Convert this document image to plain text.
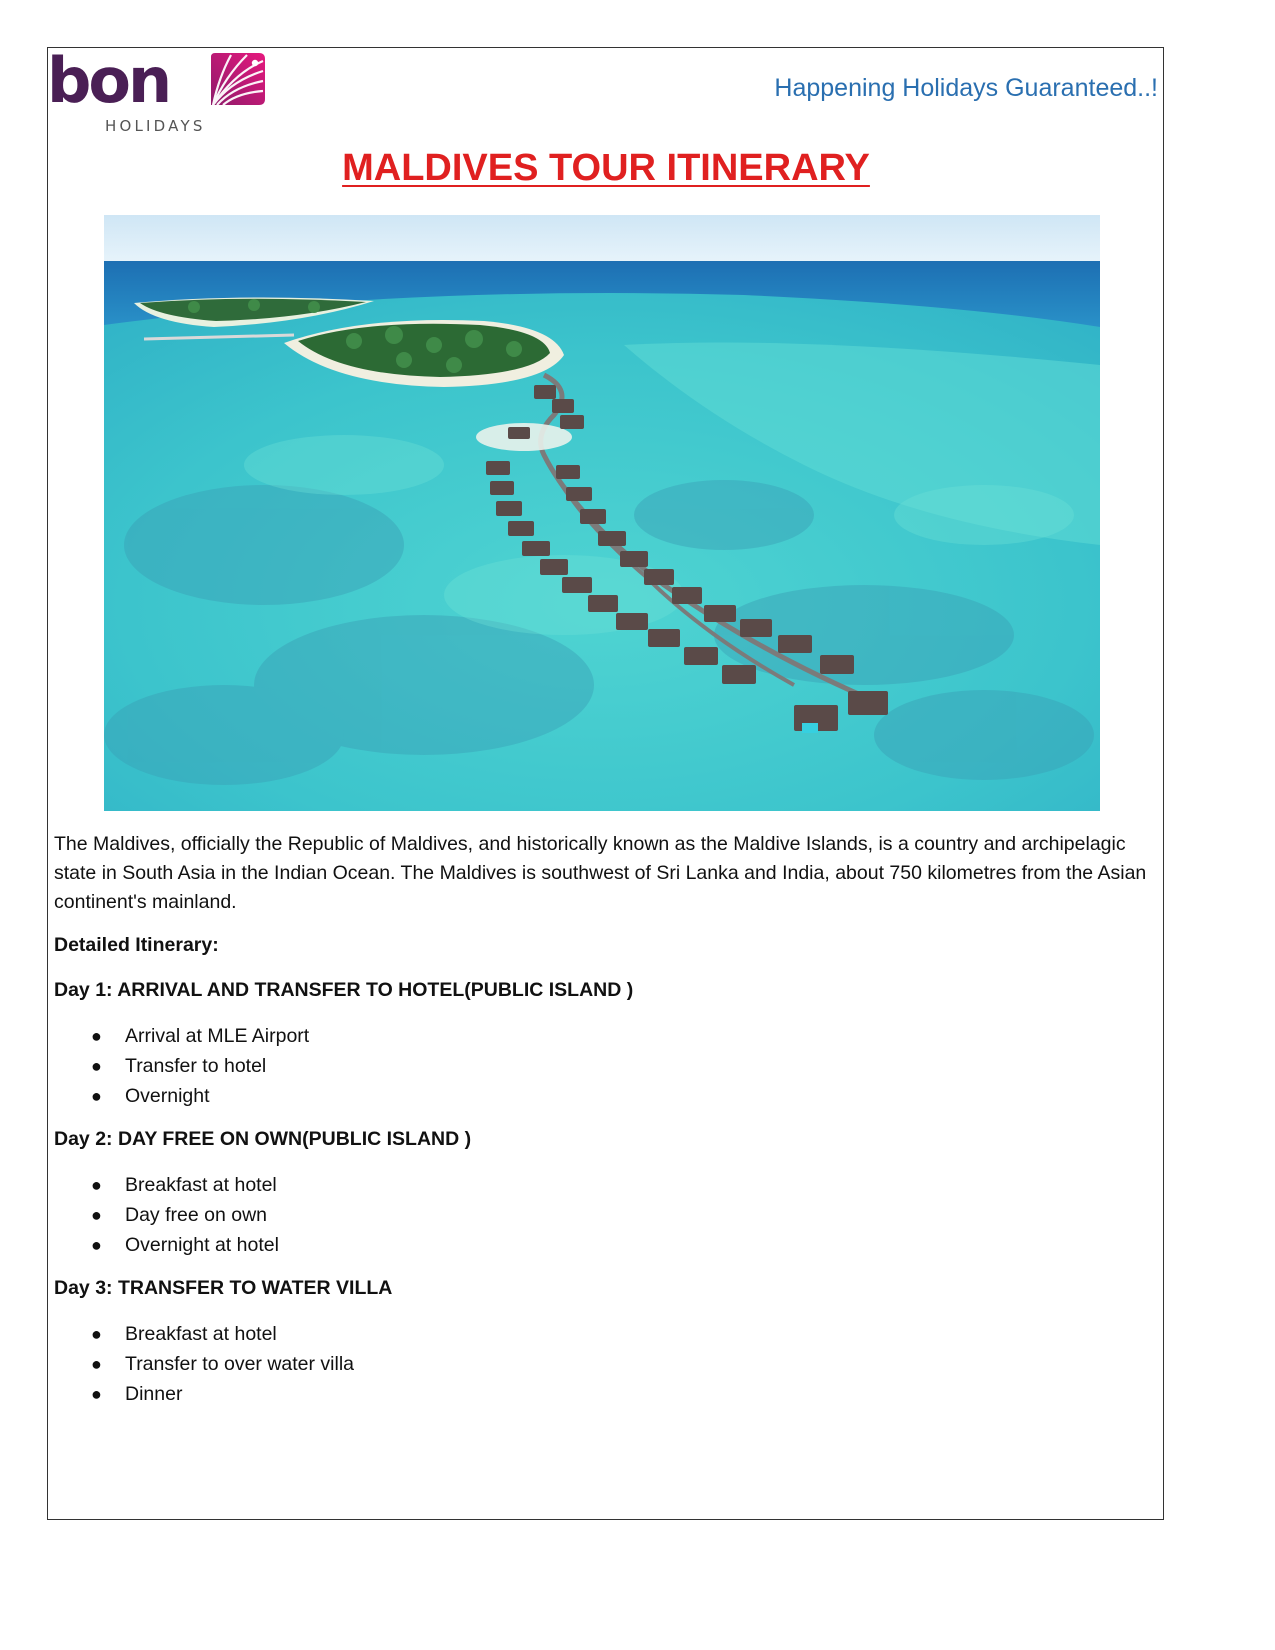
bon
HOLIDAYS
Happening Holidays Guaranteed..!
MALDIVES TOUR ITINERARY

The Maldives, officially the Republic of Maldives, and historically known as the Maldive Islands, is a country and archipelagic state in South Asia in the Indian Ocean. The Maldives is southwest of Sri Lanka and India, about 750 kilometres from the Asian continent's mainland.

Detailed Itinerary:

Day 1: ARRIVAL AND TRANSFER TO HOTEL(PUBLIC ISLAND )

● Arrival at MLE Airport
● Transfer to hotel
● Overnight

Day 2: DAY FREE ON OWN(PUBLIC ISLAND )

● Breakfast at hotel
● Day free on own
● Overnight at hotel

Day 3: TRANSFER TO WATER VILLA

● Breakfast at hotel
● Transfer to over water villa
● Dinner
